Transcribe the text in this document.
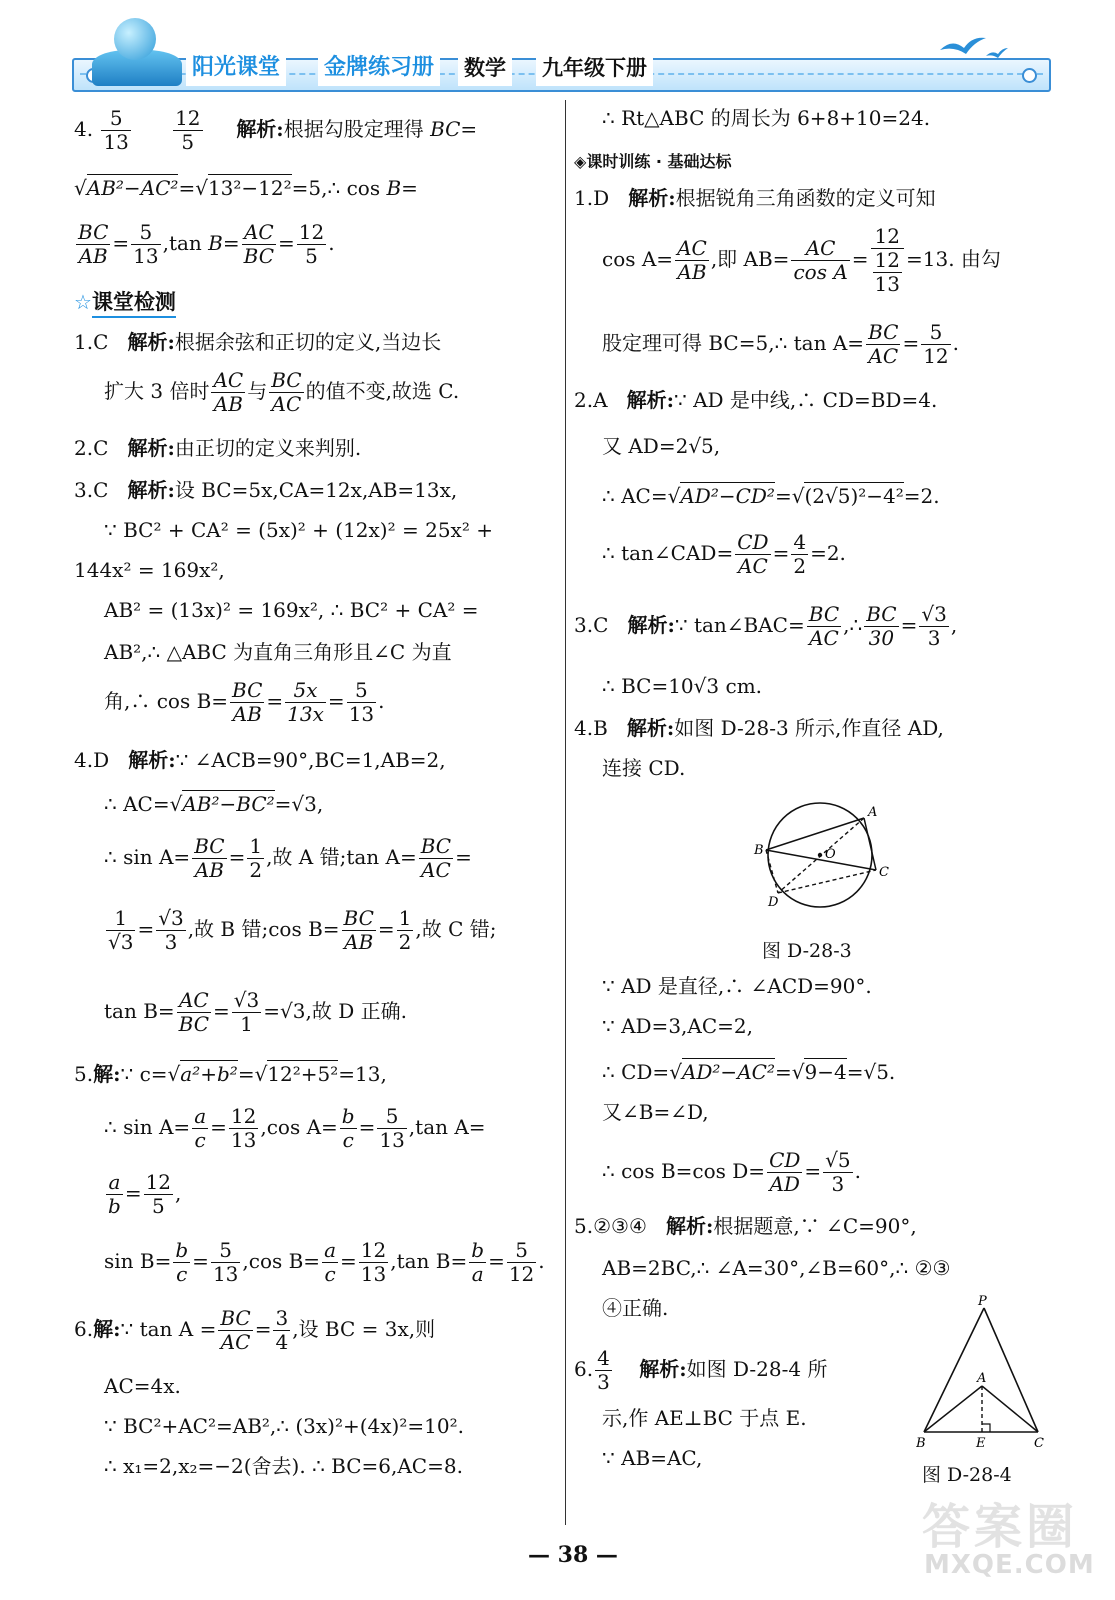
阳光课堂 金牌练习册 数学 九年级下册
4. $\frac{5}{13}$
$\frac{12}{5}$ 解析:根据勾股定理得 BC=
√AB²−AC²=√13²−12²=5,∴ cos B=
$\frac{BC}{AB} = \frac{5}{13} ,\tan$ $B= \frac{AC}{BC} = \frac{12}{5}$ .
☆课堂检测
1.C 解析:根据余弦和正切的定义,当边长
扩大 3 倍时 $\frac{AC}{AB}$ 与 $\frac{BC}{AC}$ 的值不变,故选 C.
2.C 解析:由正切的定义来判别.
3.C 解析:设 BC=5x,CA=12x,AB=13x,
∵ BC² + CA² = (5x)² + (12x)² = 25x² +
144x² = 169x²,
AB² = (13x)² = 169x², ∴ BC² + CA² =
AB²,∴ △ABC 为直角三角形且∠C 为直
角,∴ $\cos B= \frac{BC}{AB} = \frac{5x}{13x} = \frac{5}{13}$ .
4.D 解析:∵ ∠ACB=90°,BC=1,AB=2,
∴ AC=√AB²−BC²=√3,
∴ $\sin A= \frac{BC}{AB} = \frac{1}{2}$ ,故 A 错;tan $A= \frac{BC}{AC}$ =
$\frac{1}{√3} = \frac{√3}{3}$ ,故 B 错;cos $B= \frac{BC}{AB} = \frac{1}{2}$ ,故 C 错;
$\tan B= \frac{AC}{BC} = \frac{√3}{1} =√3$,故 D 正确.
5.解:∵ c=√a²+b²=√12²+5²=13,
∴ $\sin A= \frac{a}{c} = \frac{12}{13} ,\cos$ $A= \frac{b}{c} = \frac{5}{13} ,\tan$ A=
$\frac{a}{b} = \frac{12}{5}$ ,
$\sin B= \frac{b}{c} = \frac{5}{13} ,\cos$ $B= \frac{a}{c} = \frac{12}{13} ,\tan$ $B= \frac{b}{a} = \frac{5}{12}$ .
6.解:∵ $\tan A = \frac{BC}{AC} = \frac{3}{4}$ ,设 BC = 3x,则
AC=4x.
∵ BC²+AC²=AB²,∴ (3x)²+(4x)²=10².
∴ x₁=2,x₂=−2(舍去). ∴ BC=6,AC=8.
∴ Rt△ABC 的周长为 6+8+10=24.
◈课时训练 · 基础达标
1.D 解析:根据锐角三角函数的定义可知
$\cos A= \frac{AC}{AB}$ ,即 $AB= \frac{AC}{\text{cos A}} = 12$
12
13 =13. 由勾
股定理可得 BC=5,∴ $\tan A= \frac{BC}{AC} = \frac{5}{12}$ .
2.A 解析:∵ AD 是中线,∴ CD=BD=4.
又 AD=2√5,
∴ AC=√AD²−CD²=√(2√5)²−4²=2.
∴ tan∠CAD= $\frac{CD}{AC} = \frac{4}{2} =2$.
3.C 解析:∵ tan∠BAC= $\frac{BC}{AC}$ ,∴ $\frac{BC}{30} = \frac{√3}{3}$ ,
∴ BC=10√3 cm.
4.B 解析:如图 D-28-3 所示,作直径 AD,
连接 CD.
A
B
C
D
O
图 D-28-3
∵ AD 是直径,∴ ∠ACD=90°.
∵ AD=3,AC=2,
∴ CD=√AD²−AC²=√9−4=√5.
又∠B=∠D,
∴ cos B=cos $D= \frac{CD}{AD} = \frac{√5}{3}$ .
5.②③④ 解析:根据题意,∵ ∠C=90°,
AB=2BC,∴ ∠A=30°,∠B=60°,∴ ②③
④正确.
6. $\frac{4}{3}$ 解析:如图 D-28-4 所
示,作 AE⊥BC 于点 E.
∵ AB=AC,
P
A
B	E	C
图 D-28-4
— 38 —	答案圈
MXQE.COM
